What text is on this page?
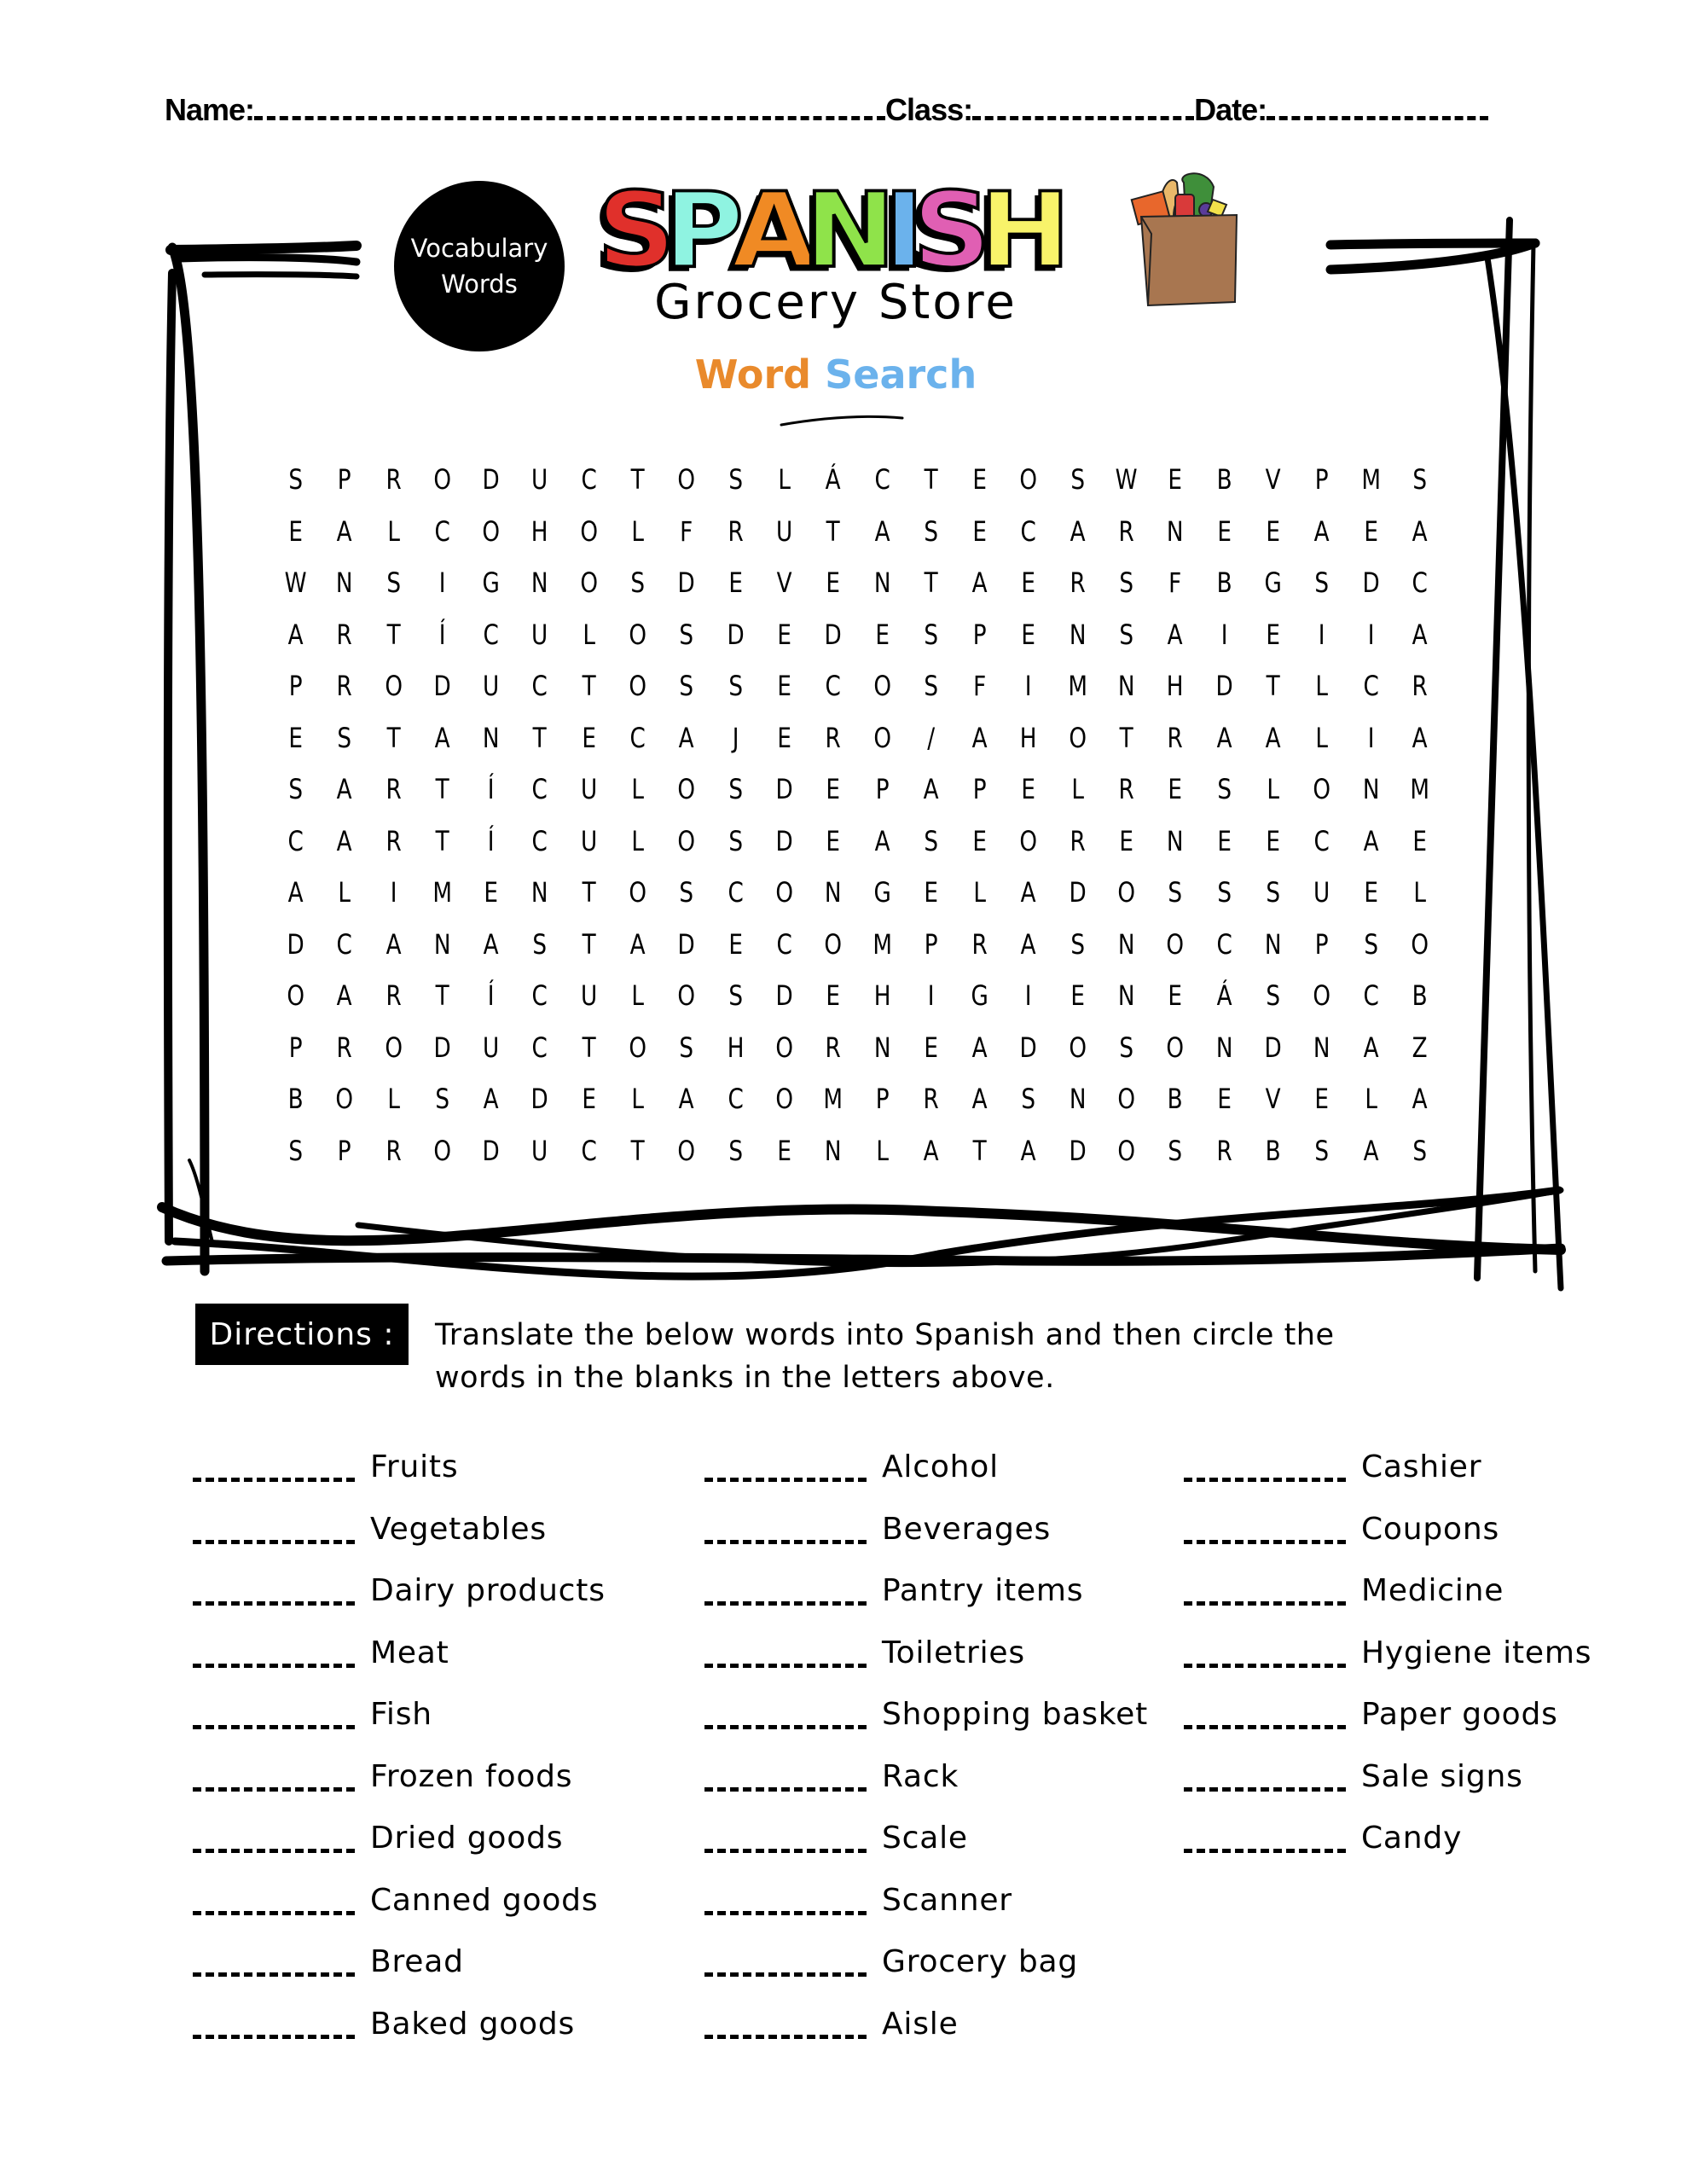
Name:	Class:	Date:
Vocabulary
Words SPANISH
Grocery Store
Word Search
S	P	R	O	D	U	C	T	O	S	L	Á	C	T	E	O	S	W	E	B	V	P	M	S
E	A	L	C	O	H	O	L	F	R	U	T	A	S	E	C	A	R	N	E	E	A	E	A
W	N	S	I	G	N	O	S	D	E	V	E	N	T	A	E	R	S	F	B	G	S	D	C
A	R	T	Í	C	U	L	O	S	D	E	D	E	S	P	E	N	S	A	I	E	I	I	A
P	R	O	D	U	C	T	O	S	S	E	C	O	S	F	I	M	N	H	D	T	L	C	R
E	S	T	A	N	T	E	C	A	J	E	R	O	/	A	H	O	T	R	A	A	L	I	A
S	A	R	T	Í	C	U	L	O	S	D	E	P	A	P	E	L	R	E	S	L	O	N	M
C	A	R	T	Í	C	U	L	O	S	D	E	A	S	E	O	R	E	N	E	E	C	A	E
A	L	I	M	E	N	T	O	S	C	O	N	G	E	L	A	D	O	S	S	S	U	E	L
D	C	A	N	A	S	T	A	D	E	C	O	M	P	R	A	S	N	O	C	N	P	S	O
O	A	R	T	Í	C	U	L	O	S	D	E	H	I	G	I	E	N	E	Á	S	O	C	B
P	R	O	D	U	C	T	O	S	H	O	R	N	E	A	D	O	S	O	N	D	N	A	Z
B	O	L	S	A	D	E	L	A	C	O	M	P	R	A	S	N	O	B	E	V	E	L	A
S	P	R	O	D	U	C	T	O	S	E	N	L	A	T	A	D	O	S	R	B	S	A	S
Directions :	Translate the below words into Spanish and then circle the words in the blanks in the letters above.
Fruits
Vegetables
Dairy products
Meat
Fish
Frozen foods
Dried goods
Canned goods
Bread
Baked goods
Alcohol
Beverages
Pantry items
Toiletries
Shopping basket
Rack
Scale
Scanner
Grocery bag
Aisle
Cashier
Coupons
Medicine
Hygiene items
Paper goods
Sale signs
Candy
